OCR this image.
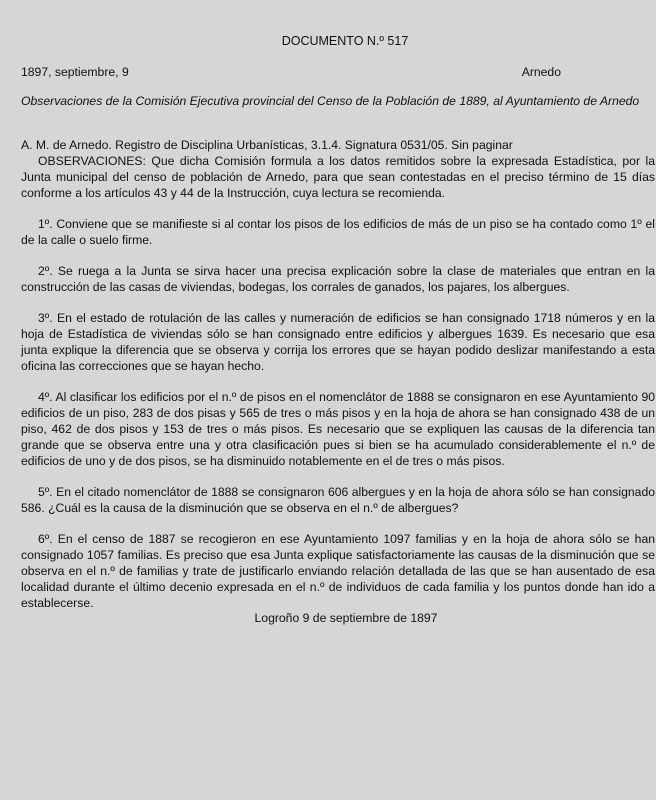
DOCUMENTO N.º 517
1897, septiembre, 9	Arnedo
Observaciones de la Comisión Ejecutiva provincial del Censo de la Población de 1889, al Ayuntamiento de Arnedo

A. M. de Arnedo. Registro de Disciplina Urbanísticas, 3.1.4. Signatura 0531/05. Sin paginar

OBSERVACIONES: Que dicha Comisión formula a los datos remitidos sobre la expresada Estadística, por la Junta municipal del censo de población de Arnedo, para que sean contestadas en el preciso término de 15 días conforme a los artículos 43 y 44 de la Instrucción, cuya lectura se recomienda.

1º. Conviene que se manifieste si al contar los pisos de los edificios de más de un piso se ha contado como 1º el de la calle o suelo firme.

2º. Se ruega a la Junta se sirva hacer una precisa explicación sobre la clase de materiales que entran en la construcción de las casas de viviendas, bodegas, los corrales de ganados, los pajares, los albergues.

3º. En el estado de rotulación de las calles y numeración de edificios se han consignado 1718 números y en la hoja de Estadística de viviendas sólo se han consignado entre edificios y albergues 1639. Es necesario que esa junta explique la diferencia que se observa y corrija los errores que se hayan podido deslizar manifestando a esta oficina las correcciones que se hayan hecho.

4º. Al clasificar los edificios por el n.º de pisos en el nomenclátor de 1888 se consignaron en ese Ayuntamiento 90 edificios de un piso, 283 de dos pisas y 565 de tres o más pisos y en la hoja de ahora se han consignado 438 de un piso, 462 de dos pisos y 153 de tres o más pisos. Es necesario que se expliquen las causas de la diferencia tan grande que se observa entre una y otra clasificación pues si bien se ha acumulado considerablemente el n.º de edificios de uno y de dos pisos, se ha disminuido notablemente en el de tres o más pisos.

5º. En el citado nomenclátor de 1888 se consignaron 606 albergues y en la hoja de ahora sólo se han consignado 586. ¿Cuál es la causa de la disminución que se observa en el n.º de albergues?

6º. En el censo de 1887 se recogieron en ese Ayuntamiento 1097 familias y en la hoja de ahora sólo se han consignado 1057 familias. Es preciso que esa Junta explique satisfactoriamente las causas de la disminución que se observa en el n.º de familias y trate de justificarlo enviando relación detallada de las que se han ausentado de esa localidad durante el último decenio expresada en el n.º de individuos de cada familia y los puntos donde han ido a establecerse.

Logroño 9 de septiembre de 1897
